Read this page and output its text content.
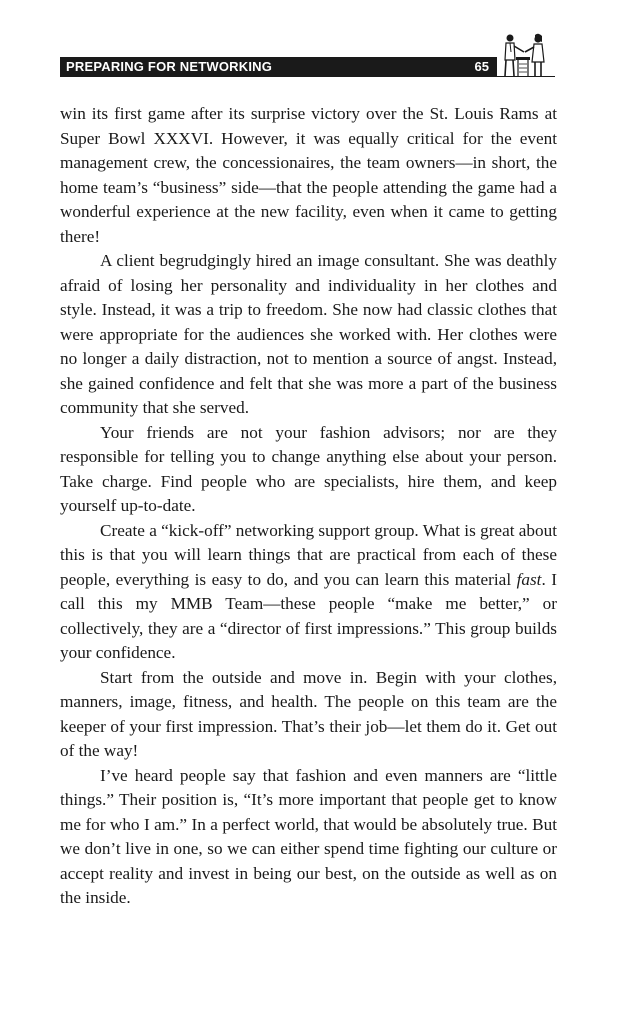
PREPARING FOR NETWORKING	65

win its first game after its surprise victory over the St. Louis Rams at Super Bowl XXXVI. However, it was equally critical for the event management crew, the concessionaires, the team owners—in short, the home team’s “business” side—that the people attending the game had a wonderful experience at the new facility, even when it came to getting there!

A client begrudgingly hired an image consultant. She was deathly afraid of losing her personality and individuality in her clothes and style. Instead, it was a trip to freedom. She now had classic clothes that were appropriate for the audiences she worked with. Her clothes were no longer a daily distraction, not to mention a source of angst. Instead, she gained confidence and felt that she was more a part of the business community that she served.

Your friends are not your fashion advisors; nor are they responsible for telling you to change anything else about your person. Take charge. Find people who are specialists, hire them, and keep yourself up-to-date.

Create a “kick-off” networking support group. What is great about this is that you will learn things that are practical from each of these people, everything is easy to do, and you can learn this material fast. I call this my MMB Team—these people “make me better,” or collectively, they are a “director of first impressions.” This group builds your confidence.

Start from the outside and move in. Begin with your clothes, manners, image, fitness, and health. The people on this team are the keeper of your first impression. That’s their job—let them do it. Get out of the way!

I’ve heard people say that fashion and even manners are “little things.” Their position is, “It’s more important that people get to know me for who I am.” In a perfect world, that would be absolutely true. But we don’t live in one, so we can either spend time fighting our culture or accept reality and invest in being our best, on the outside as well as on the inside.
